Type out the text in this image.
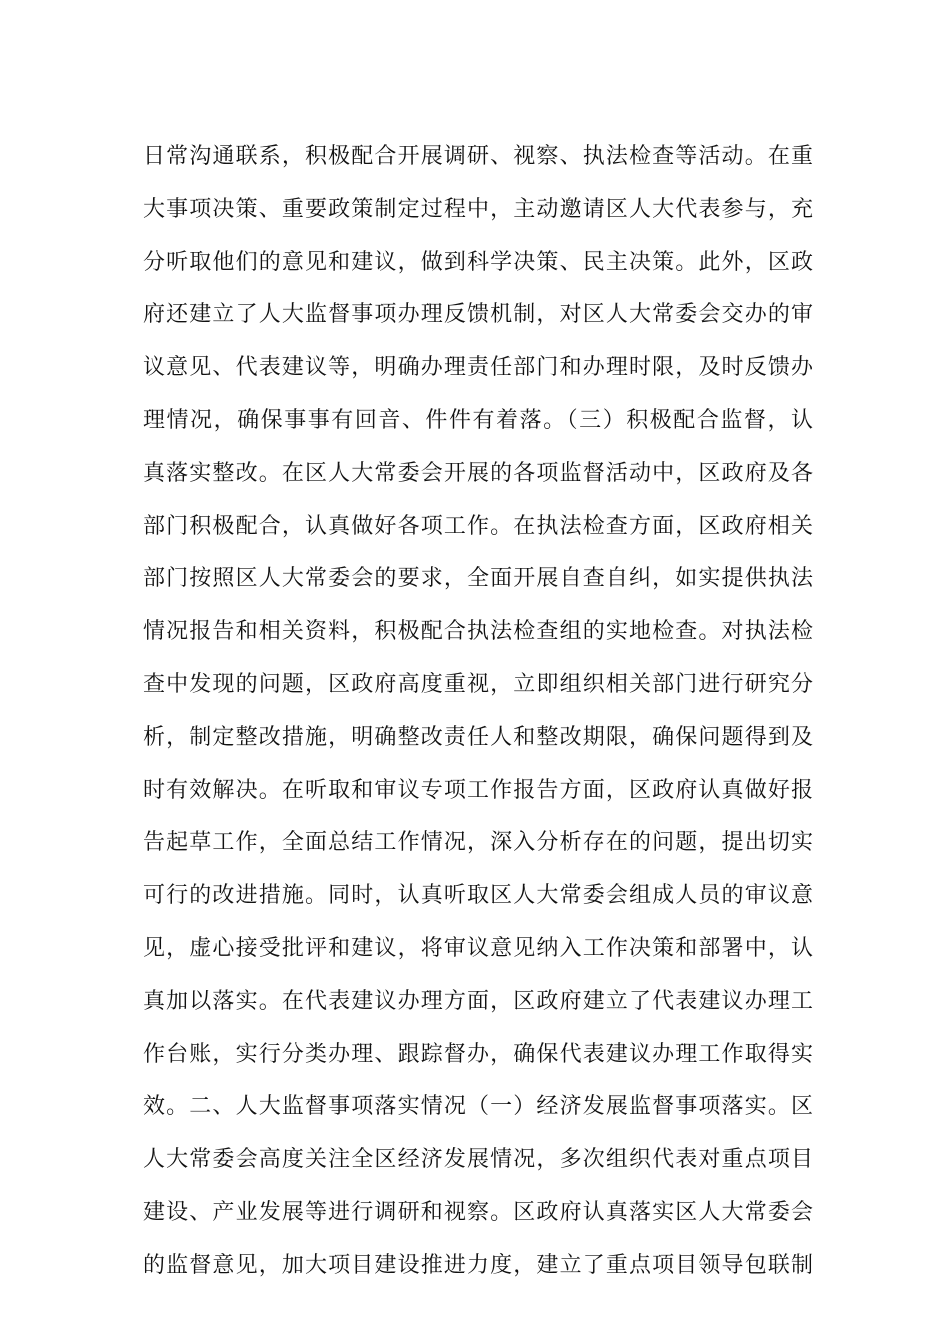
日常沟通联系，积极配合开展调研、视察、执法检查等活动。在重
大事项决策、重要政策制定过程中，主动邀请区人大代表参与，充
分听取他们的意见和建议，做到科学决策、民主决策。此外，区政
府还建立了人大监督事项办理反馈机制，对区人大常委会交办的审
议意见、代表建议等，明确办理责任部门和办理时限，及时反馈办
理情况，确保事事有回音、件件有着落。（三）积极配合监督，认
真落实整改。在区人大常委会开展的各项监督活动中，区政府及各
部门积极配合，认真做好各项工作。在执法检查方面，区政府相关
部门按照区人大常委会的要求，全面开展自查自纠，如实提供执法
情况报告和相关资料，积极配合执法检查组的实地检查。对执法检
查中发现的问题，区政府高度重视，立即组织相关部门进行研究分
析，制定整改措施，明确整改责任人和整改期限，确保问题得到及
时有效解决。在听取和审议专项工作报告方面，区政府认真做好报
告起草工作，全面总结工作情况，深入分析存在的问题，提出切实
可行的改进措施。同时，认真听取区人大常委会组成人员的审议意
见，虚心接受批评和建议，将审议意见纳入工作决策和部署中，认
真加以落实。在代表建议办理方面，区政府建立了代表建议办理工
作台账，实行分类办理、跟踪督办，确保代表建议办理工作取得实
效。二、人大监督事项落实情况（一）经济发展监督事项落实。区
人大常委会高度关注全区经济发展情况，多次组织代表对重点项目
建设、产业发展等进行调研和视察。区政府认真落实区人大常委会
的监督意见，加大项目建设推进力度，建立了重点项目领导包联制
